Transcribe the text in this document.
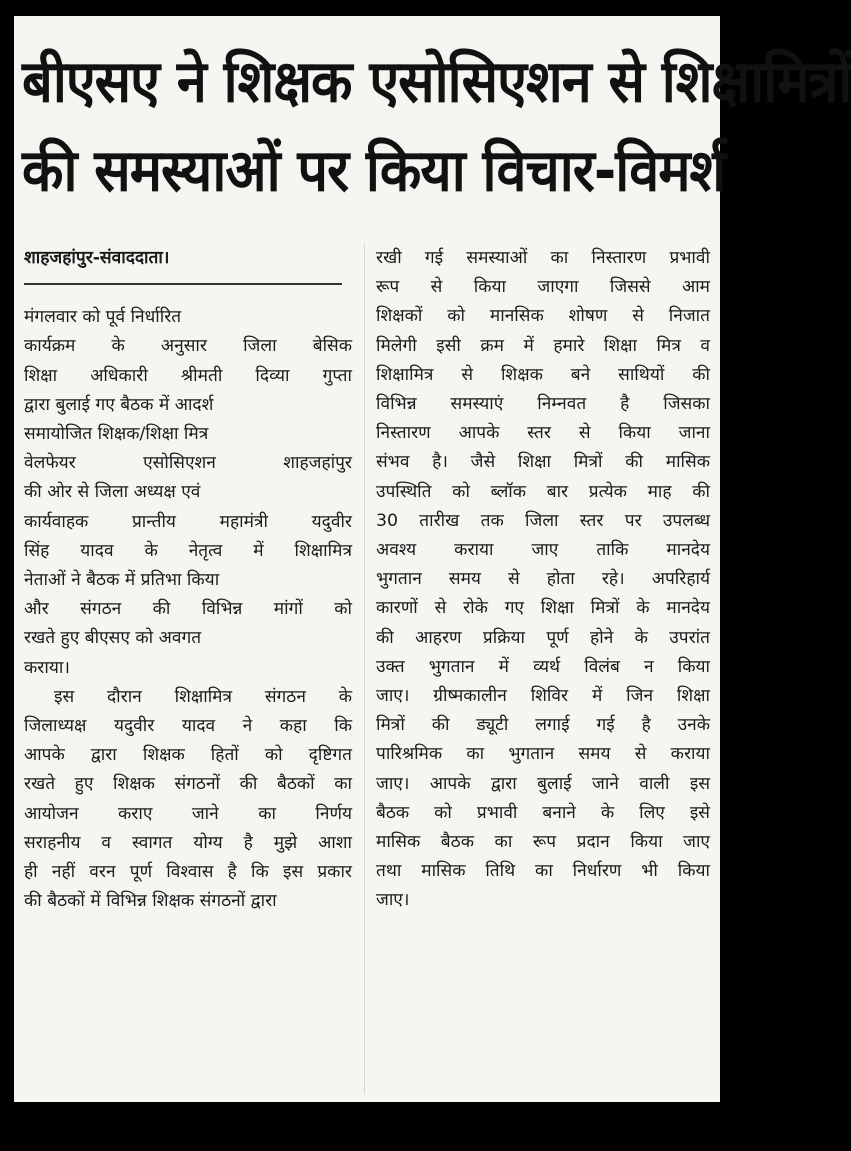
बीएसए ने शिक्षक एसोसिएशन से शिक्षामित्रों
की समस्याओं पर किया विचार-विमर्श
शाहजहांपुर-संवाददाता।
मंगलवार को पूर्व निर्धारित
कार्यक्रम के अनुसार जिला बेसिक
शिक्षा अधिकारी श्रीमती दिव्या गुप्ता
द्वारा बुलाई गए बैठक में आदर्श
समायोजित शिक्षक/शिक्षा मित्र
वेलफेयर एसोसिएशन शाहजहांपुर
की ओर से जिला अध्यक्ष एवं
कार्यवाहक प्रान्तीय महामंत्री यदुवीर
सिंह यादव के नेतृत्व में शिक्षामित्र
नेताओं ने बैठक में प्रतिभा किया
और संगठन की विभिन्न मांगों को
रखते हुए बीएसए को अवगत
कराया।
इस दौरान शिक्षामित्र संगठन के
जिलाध्यक्ष यदुवीर यादव ने कहा कि
आपके द्वारा शिक्षक हितों को दृष्टिगत
रखते हुए शिक्षक संगठनों की बैठकों का
आयोजन कराए जाने का निर्णय
सराहनीय व स्वागत योग्य है मुझे आशा
ही नहीं वरन पूर्ण विश्वास है कि इस प्रकार
की बैठकों में विभिन्न शिक्षक संगठनों द्वारा
रखी गई समस्याओं का निस्तारण प्रभावी
रूप से किया जाएगा जिससे आम
शिक्षकों को मानसिक शोषण से निजात
मिलेगी इसी क्रम में हमारे शिक्षा मित्र व
शिक्षामित्र से शिक्षक बने साथियों की
विभिन्न समस्याएं निम्नवत है जिसका
निस्तारण आपके स्तर से किया जाना
संभव है। जैसे शिक्षा मित्रों की मासिक
उपस्थिति को ब्लॉक बार प्रत्येक माह की
30 तारीख तक जिला स्तर पर उपलब्ध
अवश्य कराया जाए ताकि मानदेय
भुगतान समय से होता रहे। अपरिहार्य
कारणों से रोके गए शिक्षा मित्रों के मानदेय
की आहरण प्रक्रिया पूर्ण होने के उपरांत
उक्त भुगतान में व्यर्थ विलंब न किया
जाए। ग्रीष्मकालीन शिविर में जिन शिक्षा
मित्रों की ड्यूटी लगाई गई है उनके
पारिश्रमिक का भुगतान समय से कराया
जाए। आपके द्वारा बुलाई जाने वाली इस
बैठक को प्रभावी बनाने के लिए इसे
मासिक बैठक का रूप प्रदान किया जाए
तथा मासिक तिथि का निर्धारण भी किया
जाए।
